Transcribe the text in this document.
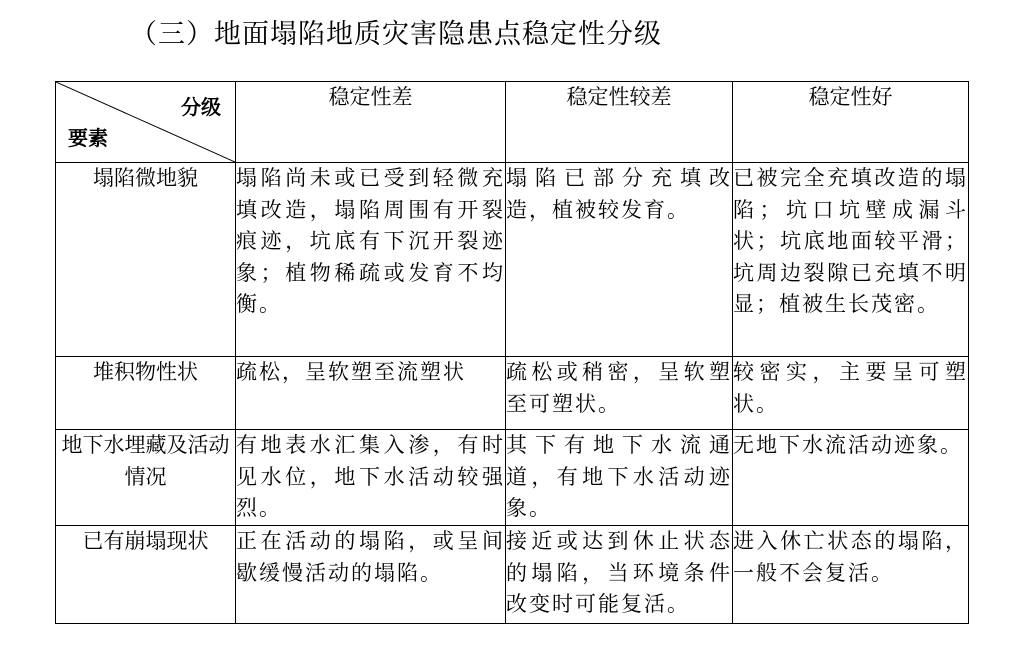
（三）地面塌陷地质灾害隐患点稳定性分级
分级
要素	稳定性差	稳定性较差	稳定性好
塌陷微地貌	塌陷尚未或已受到轻微充填改造，塌陷周围有开裂痕迹，坑底有下沉开裂迹象；植物稀疏或发育不均衡。	塌陷已部分充填改造，植被较发育。	已被完全充填改造的塌陷；坑口坑壁成漏斗状；坑底地面较平滑；坑周边裂隙已充填不明显；植被生长茂密。
堆积物性状	疏松，呈软塑至流塑状	疏松或稍密，呈软塑至可塑状。	较密实，主要呈可塑状。
地下水埋藏及活动情况	有地表水汇集入渗，有时见水位，地下水活动较强烈。	其下有地下水流通道，有地下水活动迹象。	无地下水流活动迹象。
已有崩塌现状	正在活动的塌陷，或呈间歇缓慢活动的塌陷。	接近或达到休止状态的塌陷，当环境条件改变时可能复活。	进入休亡状态的塌陷，一般不会复活。
